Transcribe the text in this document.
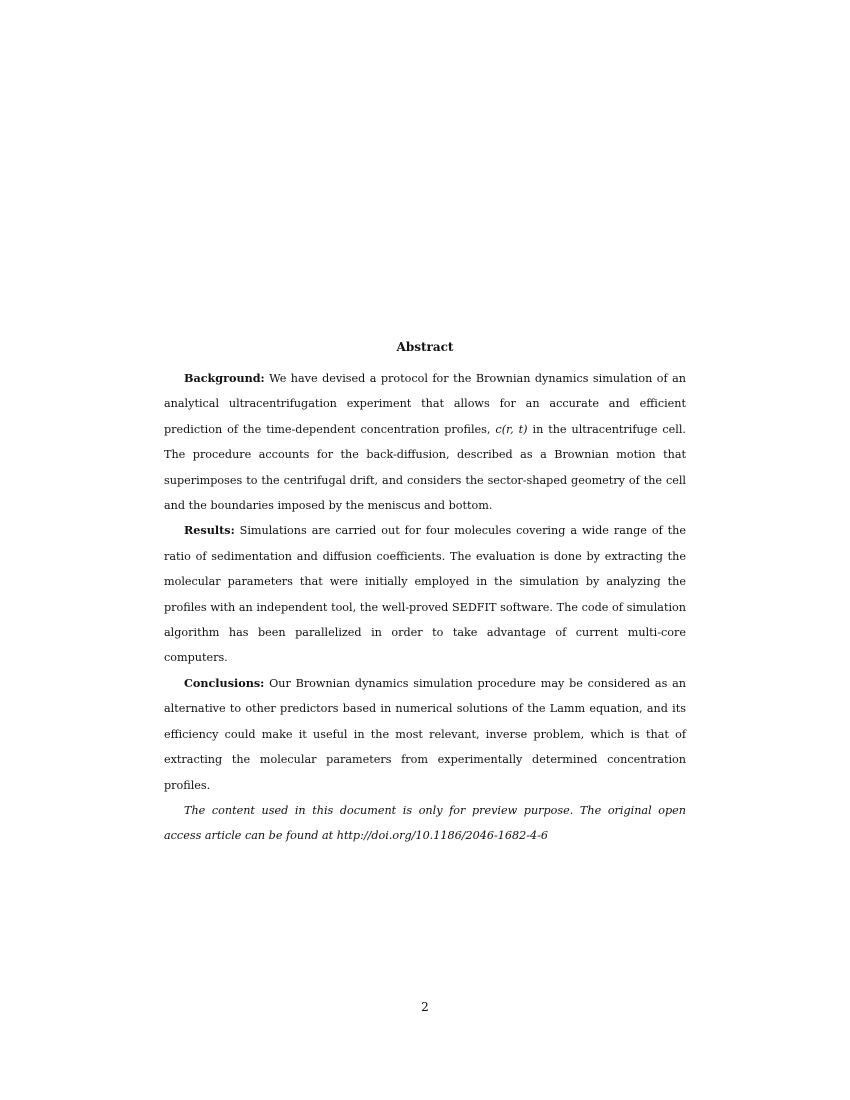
Abstract

Background: We have devised a protocol for the Brownian dynamics simulation of an analytical ultracentrifugation experiment that allows for an accurate and efficient prediction of the time-dependent concentration profiles, c(r, t) in the ultracentrifuge cell. The procedure accounts for the back-diffusion, described as a Brownian motion that superimposes to the centrifugal drift, and considers the sector-shaped geometry of the cell and the boundaries imposed by the meniscus and bottom.

Results: Simulations are carried out for four molecules covering a wide range of the ratio of sedimentation and diffusion coefficients. The evaluation is done by extracting the molecular parameters that were initially employed in the simulation by analyzing the profiles with an independent tool, the well-proved SEDFIT software. The code of simulation algorithm has been parallelized in order to take advantage of current multi-core computers.

Conclusions: Our Brownian dynamics simulation procedure may be considered as an alternative to other predictors based in numerical solutions of the Lamm equation, and its efficiency could make it useful in the most relevant, inverse problem, which is that of extracting the molecular parameters from experimentally determined concentration profiles.

The content used in this document is only for preview purpose. The original open access article can be found at http://doi.org/10.1186/2046-1682-4-6

2
